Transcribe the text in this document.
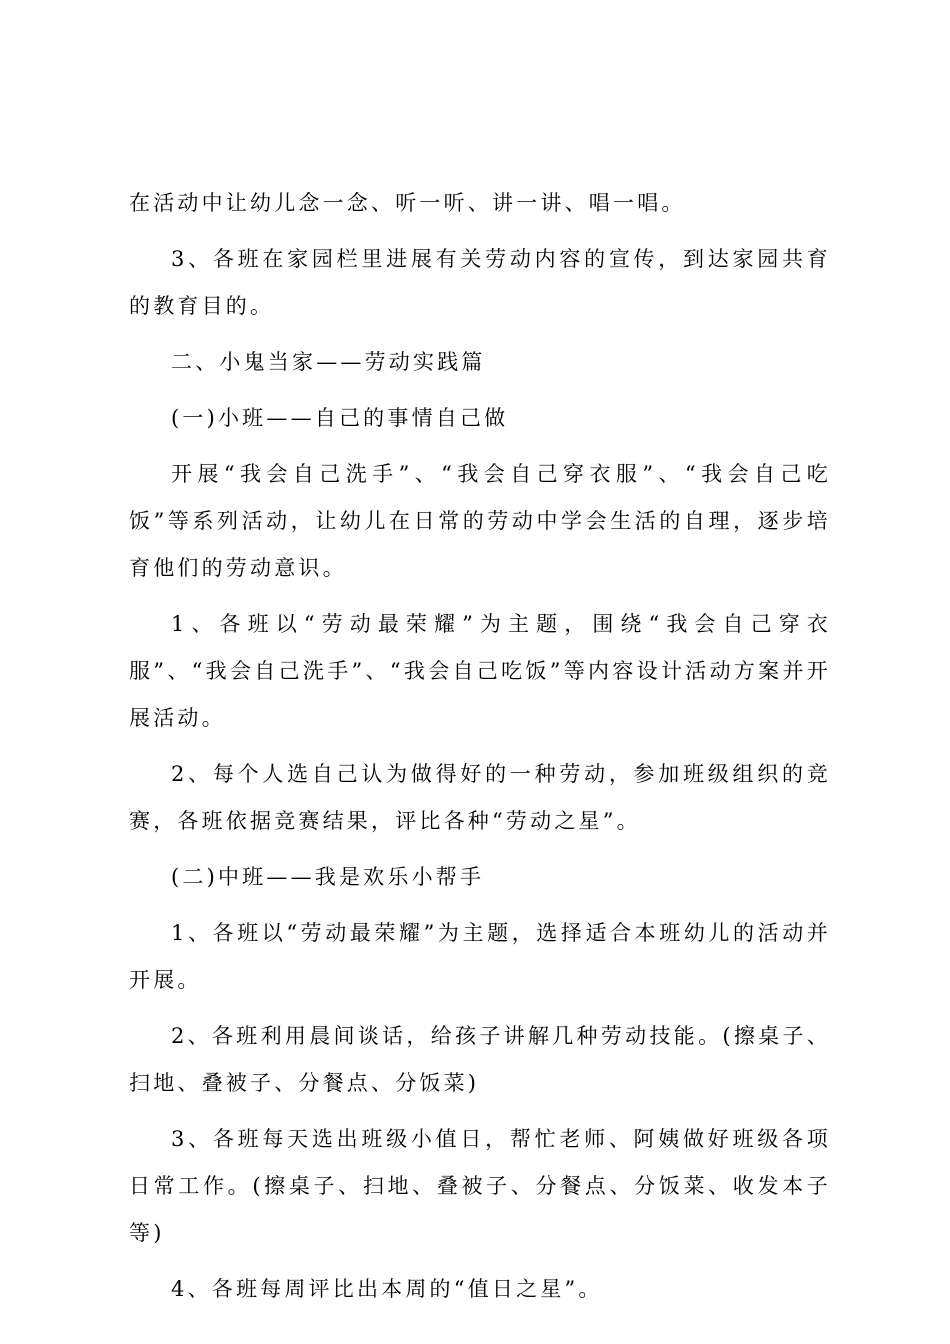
在活动中让幼儿念一念、听一听、讲一讲、唱一唱。

3、各班在家园栏里进展有关劳动内容的宣传，到达家园共育的教育目的。

二、小鬼当家——劳动实践篇

(一)小班——自己的事情自己做

开展“我会自己洗手”、“我会自己穿衣服”、“我会自己吃饭”等系列活动，让幼儿在日常的劳动中学会生活的自理，逐步培育他们的劳动意识。

1、各班以“劳动最荣耀”为主题，围绕“我会自己穿衣服”、“我会自己洗手”、“我会自己吃饭”等内容设计活动方案并开展活动。

2、每个人选自己认为做得好的一种劳动，参加班级组织的竞赛，各班依据竞赛结果，评比各种“劳动之星”。

(二)中班——我是欢乐小帮手

1、各班以“劳动最荣耀”为主题，选择适合本班幼儿的活动并开展。

2、各班利用晨间谈话，给孩子讲解几种劳动技能。(擦桌子、扫地、叠被子、分餐点、分饭菜)

3、各班每天选出班级小值日，帮忙老师、阿姨做好班级各项日常工作。(擦桌子、扫地、叠被子、分餐点、分饭菜、收发本子等)

4、各班每周评比出本周的“值日之星”。
